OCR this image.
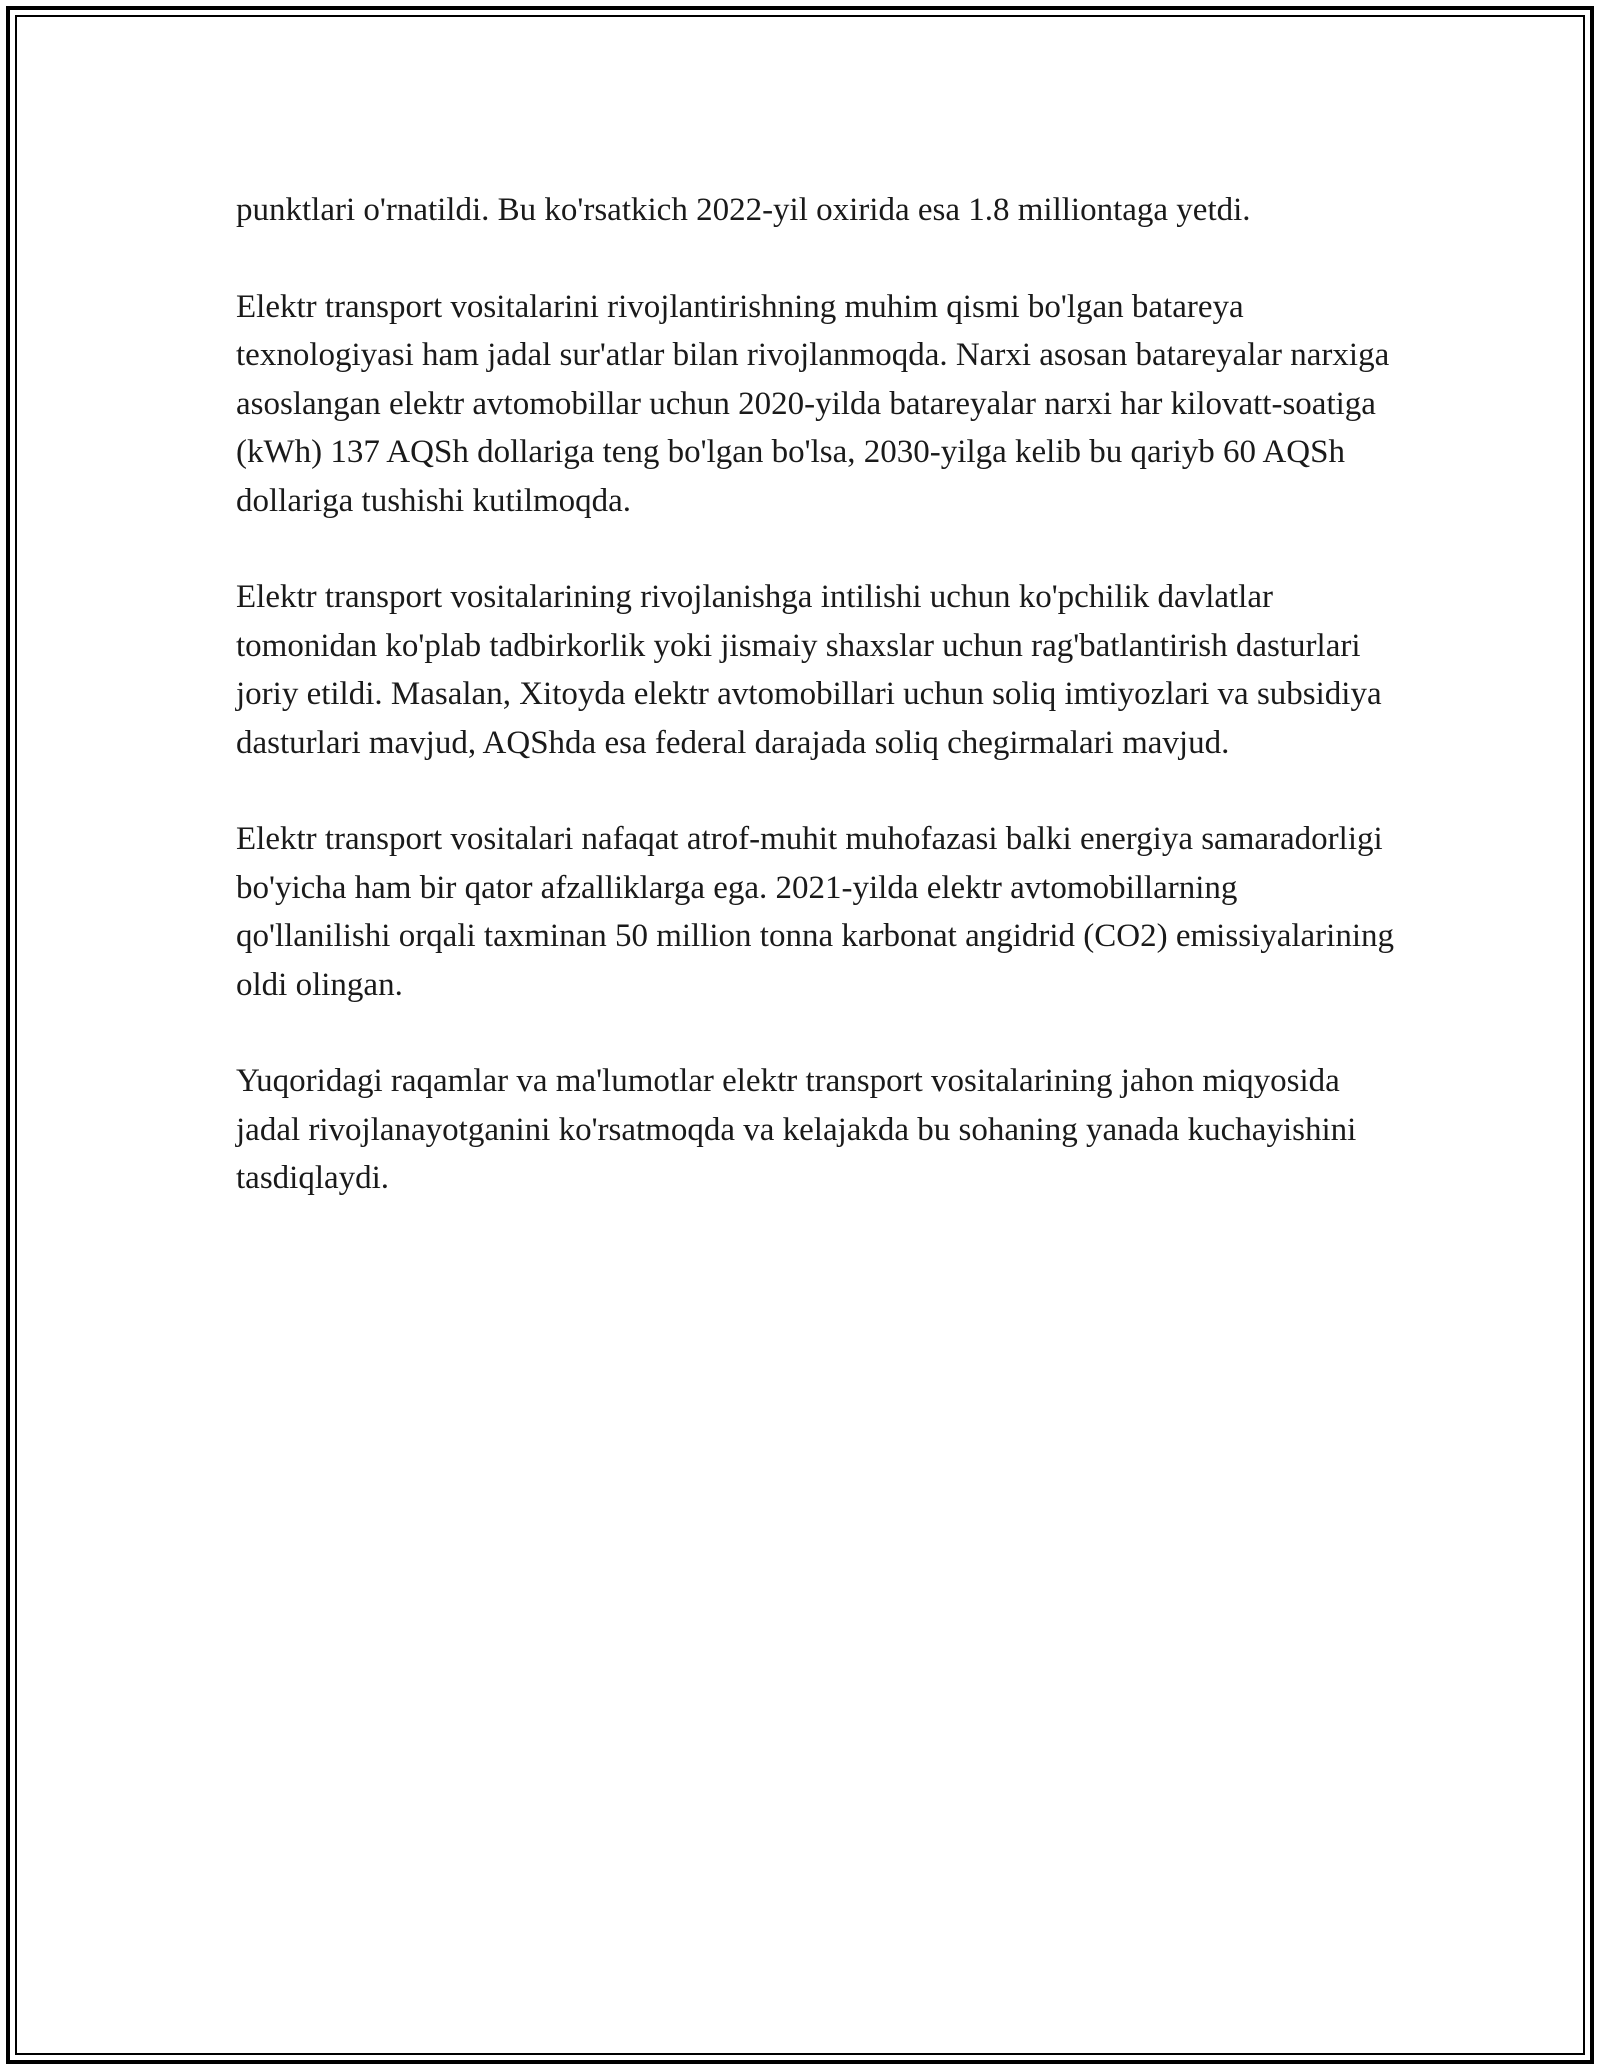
punktlari o'rnatildi. Bu ko'rsatkich 2022-yil oxirida esa 1.8 milliontaga yetdi.

Elektr transport vositalarini rivojlantirishning muhim qismi bo'lgan batareya texnologiyasi ham jadal sur'atlar bilan rivojlanmoqda. Narxi asosan batareyalar narxiga asoslangan elektr avtomobillar uchun 2020-yilda batareyalar narxi har kilovatt-soatiga (kWh) 137 AQSh dollariga teng bo'lgan bo'lsa, 2030-yilga kelib bu qariyb 60 AQSh dollariga tushishi kutilmoqda.

Elektr transport vositalarining rivojlanishga intilishi uchun ko'pchilik davlatlar tomonidan ko'plab tadbirkorlik yoki jismaiy shaxslar uchun rag'batlantirish dasturlari joriy etildi. Masalan, Xitoyda elektr avtomobillari uchun soliq imtiyozlari va subsidiya dasturlari mavjud, AQShda esa federal darajada soliq chegirmalari mavjud.

Elektr transport vositalari nafaqat atrof-muhit muhofazasi balki energiya samaradorligi bo'yicha ham bir qator afzalliklarga ega. 2021-yilda elektr avtomobillarning qo'llanilishi orqali taxminan 50 million tonna karbonat angidrid (CO2) emissiyalarining oldi olingan.

Yuqoridagi raqamlar va ma'lumotlar elektr transport vositalarining jahon miqyosida jadal rivojlanayotganini ko'rsatmoqda va kelajakda bu sohaning yanada kuchayishini tasdiqlaydi.
